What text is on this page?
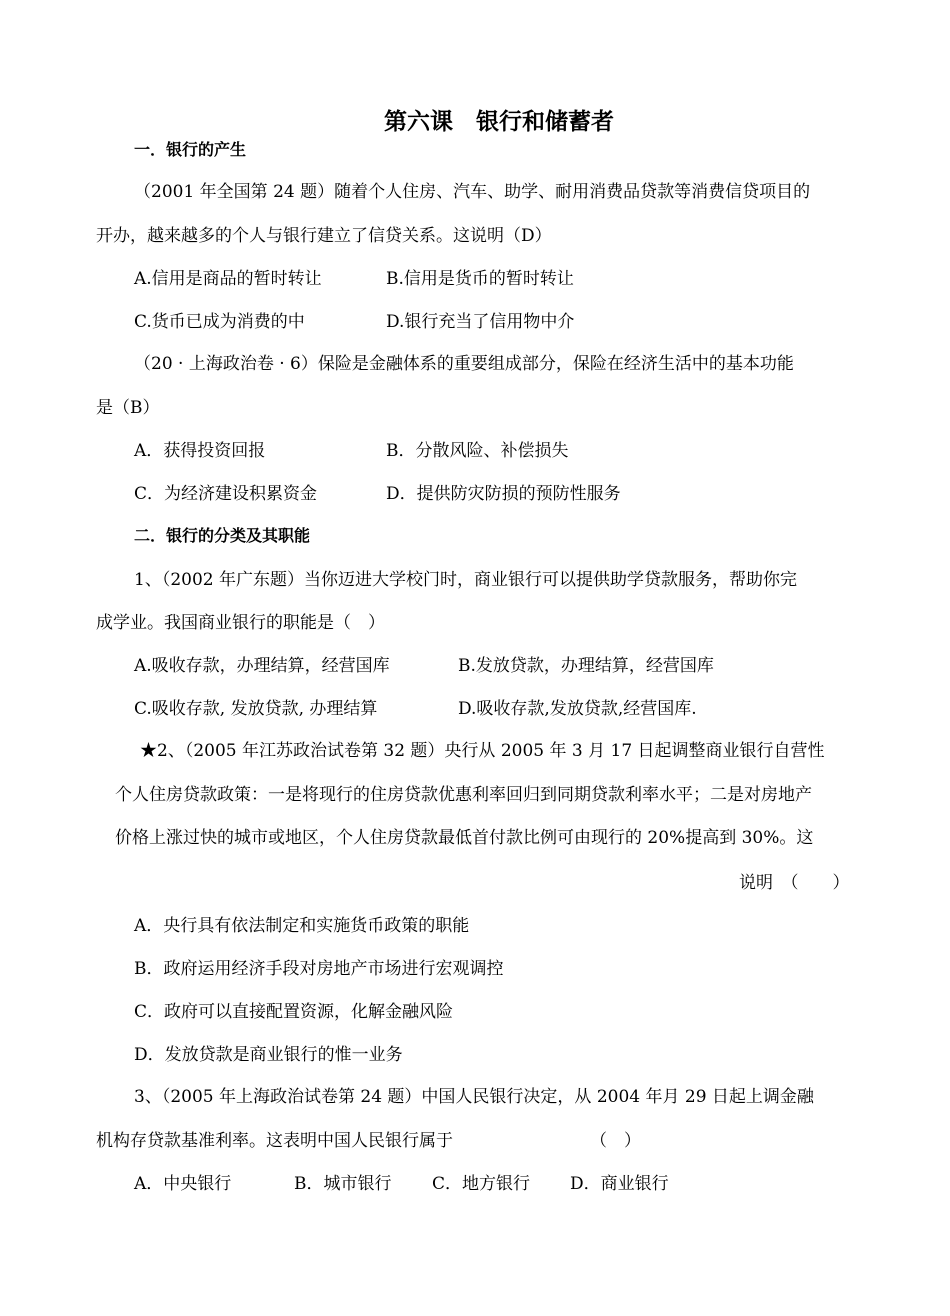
第六课　银行和储蓄者
一．银行的产生
（2001 年全国第 24 题）随着个人住房、汽车、助学、耐用消费品贷款等消费信贷项目的
开办，越来越多的个人与银行建立了信贷关系。这说明（D）
A.信用是商品的暂时转让	B.信用是货币的暂时转让
C.货币已成为消费的中	D.银行充当了信用物中介
（20 · 上海政治卷 · 6）保险是金融体系的重要组成部分，保险在经济生活中的基本功能
是（B）
A．获得投资回报	B．分散风险、补偿损失
C．为经济建设积累资金	D．提供防灾防损的预防性服务
二．银行的分类及其职能
1、（2002 年广东题）当你迈进大学校门时，商业银行可以提供助学贷款服务，帮助你完
成学业。我国商业银行的职能是（　）
A.吸收存款，办理结算，经营国库	B.发放贷款，办理结算，经营国库
C.吸收存款, 发放贷款, 办理结算	D.吸收存款,发放贷款,经营国库.
★2、（2005 年江苏政治试卷第 32 题）央行从 2005 年 3 月 17 日起调整商业银行自营性
个人住房贷款政策：一是将现行的住房贷款优惠利率回归到同期贷款利率水平；二是对房地产
价格上涨过快的城市或地区，个人住房贷款最低首付款比例可由现行的 20%提高到 30%。这
说明　（　　）
A．央行具有依法制定和实施货币政策的职能
B．政府运用经济手段对房地产市场进行宏观调控
C．政府可以直接配置资源，化解金融风险
D．发放贷款是商业银行的惟一业务
3、（2005 年上海政治试卷第 24 题）中国人民银行决定，从 2004 年月 29 日起上调金融
机构存贷款基准利率。这表明中国人民银行属于	（　）
A．中央银行	B．城市银行 C．地方银行 D．商业银行
